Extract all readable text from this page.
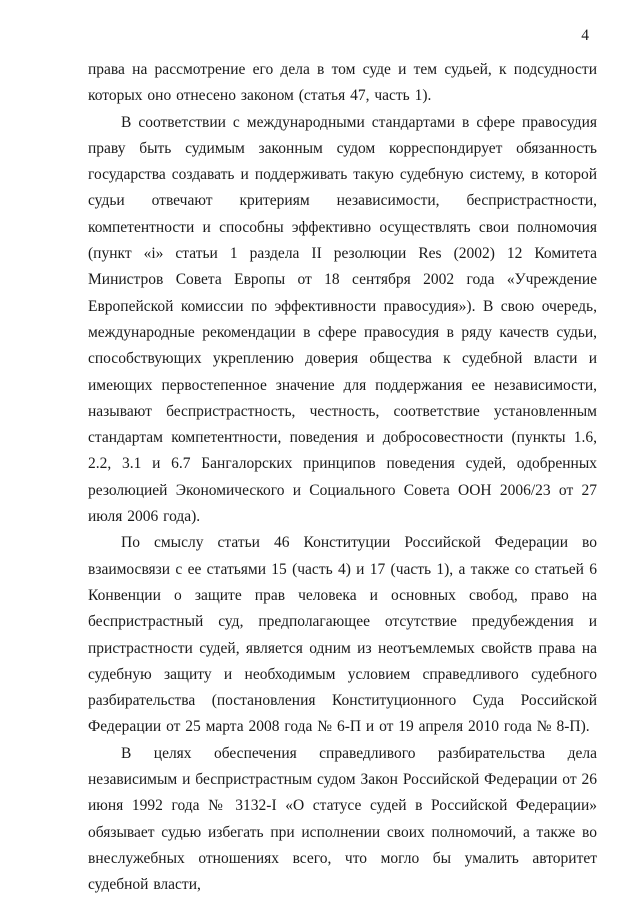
4

права на рассмотрение его дела в том суде и тем судьей, к подсудности которых оно отнесено законом (статья 47, часть 1).

В соответствии с международными стандартами в сфере правосудия праву быть судимым законным судом корреспондирует обязанность государства создавать и поддерживать такую судебную систему, в которой судьи отвечают критериям независимости, беспристрастности, компетентности и способны эффективно осуществлять свои полномочия (пункт «i» статьи 1 раздела II резолюции Res (2002) 12 Комитета Министров Совета Европы от 18 сентября 2002 года «Учреждение Европейской комиссии по эффективности правосудия»). В свою очередь, международные рекомендации в сфере правосудия в ряду качеств судьи, способствующих укреплению доверия общества к судебной власти и имеющих первостепенное значение для поддержания ее независимости, называют беспристрастность, честность, соответствие установленным стандартам компетентности, поведения и добросовестности (пункты 1.6, 2.2, 3.1 и 6.7 Бангалорских принципов поведения судей, одобренных резолюцией Экономического и Социального Совета ООН 2006/23 от 27 июля 2006 года).

По смыслу статьи 46 Конституции Российской Федерации во взаимосвязи с ее статьями 15 (часть 4) и 17 (часть 1), а также со статьей 6 Конвенции о защите прав человека и основных свобод, право на беспристрастный суд, предполагающее отсутствие предубеждения и пристрастности судей, является одним из неотъемлемых свойств права на судебную защиту и необходимым условием справедливого судебного разбирательства (постановления Конституционного Суда Российской Федерации от 25 марта 2008 года № 6-П и от 19 апреля 2010 года № 8-П).

В целях обеспечения справедливого разбирательства дела независимым и беспристрастным судом Закон Российской Федерации от 26 июня 1992 года № 3132-I «О статусе судей в Российской Федерации» обязывает судью избегать при исполнении своих полномочий, а также во внеслужебных отношениях всего, что могло бы умалить авторитет судебной власти,
